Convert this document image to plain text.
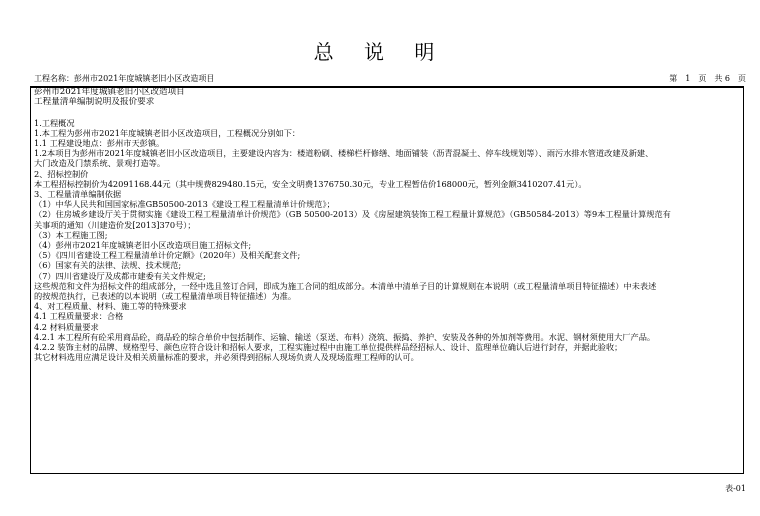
总 说 明
工程名称：彭州市2021年度城镇老旧小区改造项目	第　1　页　共 6　页
彭州市2021年度城镇老旧小区改造项目
工程量清单编制说明及报价要求
1.工程概况
1.本工程为彭州市2021年度城镇老旧小区改造项目，工程概况分别如下：
1.1 工程建设地点：彭州市天彭镇。
1.2本项目为彭州市2021年度城镇老旧小区改造项目，主要建设内容为：楼道粉刷、楼梯栏杆修缮、地面铺装（沥青混凝土、停车线规划等）、雨污水排水管道改建及新建、
大门改造及门禁系统、景观打造等。
2、招标控制价
本工程招标控制价为42091168.44元（其中规费829480.15元，安全文明费1376750.30元，专业工程暂估价168000元，暂列金额3410207.41元）。
3、工程量清单编制依据
（1）中华人民共和国国家标准GB50500-2013《建设工程工程量清单计价规范》；
（2）住房城乡建设厅关于贯彻实施《建设工程工程量清单计价规范》（GB 50500-2013）及《房屋建筑装饰工程工程量计算规范》（GB50584-2013）等9本工程量计算规范有
关事项的通知（川建造价发[2013]370号）；
（3）本工程施工图;
（4）彭州市2021年度城镇老旧小区改造项目施工招标文件;
（5）《四川省建设工程工程量清单计价定额》（2020年）及相关配套文件;
（6）国家有关的法律、法规、技术规范;
（7）四川省建设厅及成都市建委有关文件规定;
这些规范和文件为招标文件的组成部分，一经中选且签订合同，即成为施工合同的组成部分。本清单中清单子目的计算规则在本说明（或工程量清单项目特征描述）中未表述
的按规范执行，已表述的以本说明（或工程量清单项目特征描述）为准。
4、对工程质量、材料、施工等的特殊要求
4.1 工程质量要求：合格
4.2 材料质量要求
4.2.1 本工程所有砼采用商品砼，商品砼的综合单价中包括制作、运输、输送（泵送、布料）浇筑、振捣、养护、安装及各种的外加剂等费用。水泥、钢材须使用大厂产品。
4.2.2 装饰主材的品牌、规格型号、颜色应符合设计和招标人要求，工程实施过程中由施工单位提供样品经招标人、设计、监理单位确认后进行封存，并据此验收；
其它材料选用应满足设计及相关质量标准的要求，并必须得到招标人现场负责人及现场监理工程师的认可。
表-01
